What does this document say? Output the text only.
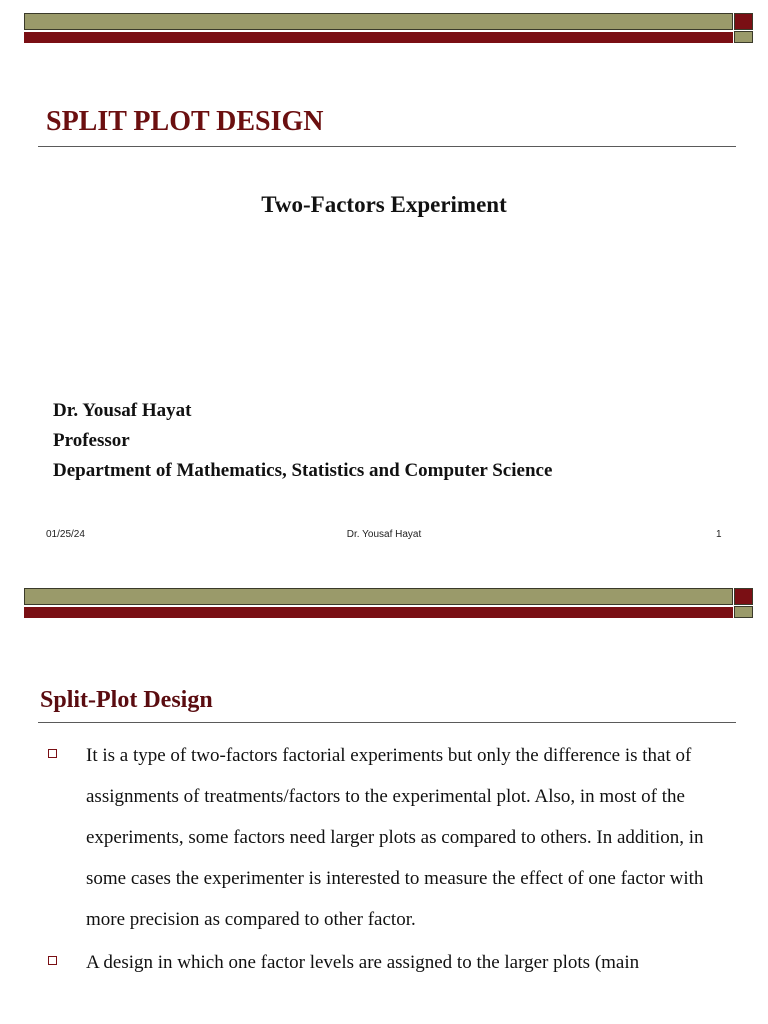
SPLIT PLOT DESIGN
Two-Factors Experiment
Dr. Yousaf Hayat
Professor
Department of Mathematics, Statistics and Computer Science
01/25/24	Dr. Yousaf Hayat	1
Split-Plot Design
It is a type of two-factors factorial experiments but only the difference is that of assignments of treatments/factors to the experimental plot. Also, in most of the experiments, some factors need larger plots as compared to others. In addition, in some cases the experimenter is interested to measure the effect of one factor with more precision as compared to other factor.
A design in which one factor levels are assigned to the larger plots (main
